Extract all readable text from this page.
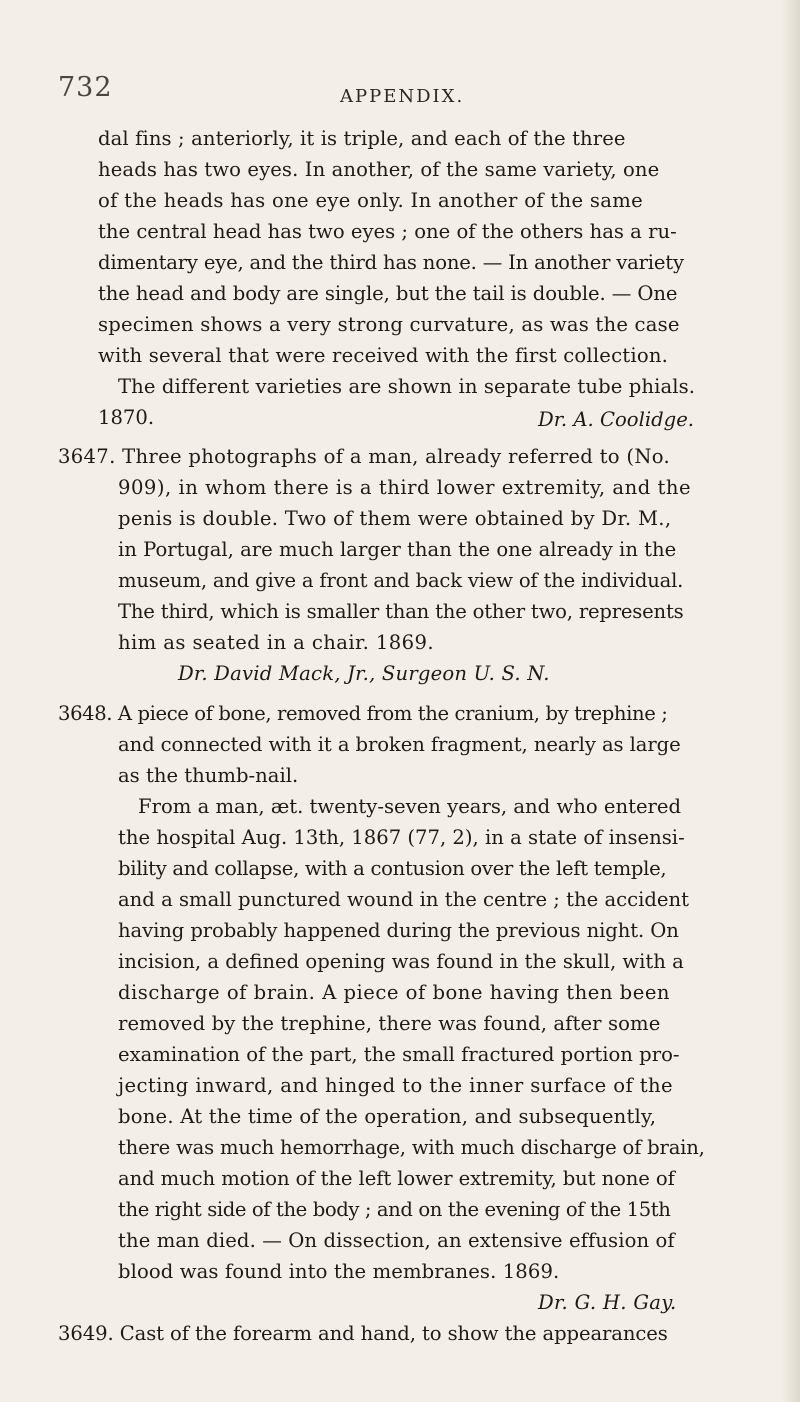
732	APPENDIX.
dal fins ; anteriorly, it is triple, and each of the three
heads has two eyes. In another, of the same variety, one
of the heads has one eye only. In another of the same
the central head has two eyes ; one of the others has a ru-
dimentary eye, and the third has none. — In another variety
the head and body are single, but the tail is double. — One
specimen shows a very strong curvature, as was the case
with several that were received with the first collection.
The different varieties are shown in separate tube phials.
1870.	Dr. A. Coolidge.
3647. Three photographs of a man, already referred to (No.
909), in whom there is a third lower extremity, and the
penis is double. Two of them were obtained by Dr. M.,
in Portugal, are much larger than the one already in the
museum, and give a front and back view of the individual.
The third, which is smaller than the other two, represents
him as seated in a chair. 1869.
Dr. David Mack, Jr., Surgeon U. S. N.
3648. A piece of bone, removed from the cranium, by trephine ;
and connected with it a broken fragment, nearly as large
as the thumb-nail.
From a man, æt. twenty-seven years, and who entered
the hospital Aug. 13th, 1867 (77, 2), in a state of insensi-
bility and collapse, with a contusion over the left temple,
and a small punctured wound in the centre ; the accident
having probably happened during the previous night. On
incision, a defined opening was found in the skull, with a
discharge of brain. A piece of bone having then been
removed by the trephine, there was found, after some
examination of the part, the small fractured portion pro-
jecting inward, and hinged to the inner surface of the
bone. At the time of the operation, and subsequently,
there was much hemorrhage, with much discharge of brain,
and much motion of the left lower extremity, but none of
the right side of the body ; and on the evening of the 15th
the man died. — On dissection, an extensive effusion of
blood was found into the membranes. 1869.
Dr. G. H. Gay.
3649. Cast of the forearm and hand, to show the appearances
